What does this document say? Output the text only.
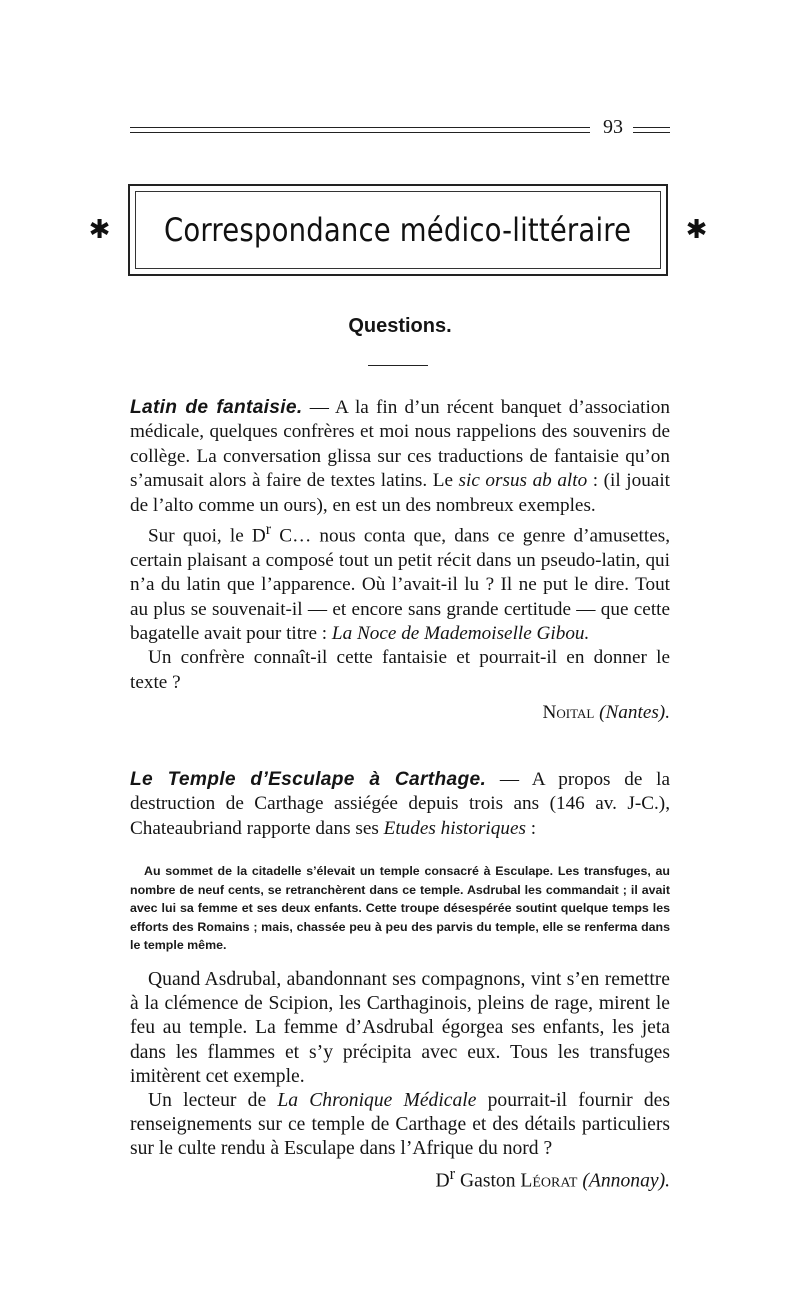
93
✱ Correspondance médico-littéraire ✱
Questions.

Latin de fantaisie. — A la fin d’un récent banquet d’association médicale, quelques confrères et moi nous rappelions des souvenirs de collège. La conversation glissa sur ces traductions de fantaisie qu’on s’amusait alors à faire de textes latins. Le sic orsus ab alto : (il jouait de l’alto comme un ours), en est un des nombreux exemples.

Sur quoi, le $D^r$ C… nous conta que, dans ce genre d’amusettes, certain plaisant a composé tout un petit récit dans un pseudo-latin, qui n’a du latin que l’apparence. Où l’avait-il lu ? Il ne put le dire. Tout au plus se souvenait-il — et encore sans grande certitude — que cette bagatelle avait pour titre : La Noce de Mademoiselle Gibou.

Un confrère connaît-il cette fantaisie et pourrait-il en donner le texte ?

Noital (Nantes).

Le Temple d’Esculape à Carthage. — A propos de la destruction de Carthage assiégée depuis trois ans (146 av. J-C.), Chateaubriand rapporte dans ses Etudes historiques :

Au sommet de la citadelle s’élevait un temple consacré à Esculape. Les transfuges, au nombre de neuf cents, se retranchèrent dans ce temple. Asdrubal les commandait ; il avait avec lui sa femme et ses deux enfants. Cette troupe désespérée soutint quelque temps les efforts des Romains ; mais, chassée peu à peu des parvis du temple, elle se renferma dans le temple même.

Quand Asdrubal, abandonnant ses compagnons, vint s’en remettre à la clémence de Scipion, les Carthaginois, pleins de rage, mirent le feu au temple. La femme d’Asdrubal égorgea ses enfants, les jeta dans les flammes et s’y précipita avec eux. Tous les transfuges imitèrent cet exemple.

Un lecteur de La Chronique Médicale pourrait-il fournir des renseignements sur ce temple de Carthage et des détails particuliers sur le culte rendu à Esculape dans l’Afrique du nord ?

$D^r$ Gaston Léorat (Annonay).
